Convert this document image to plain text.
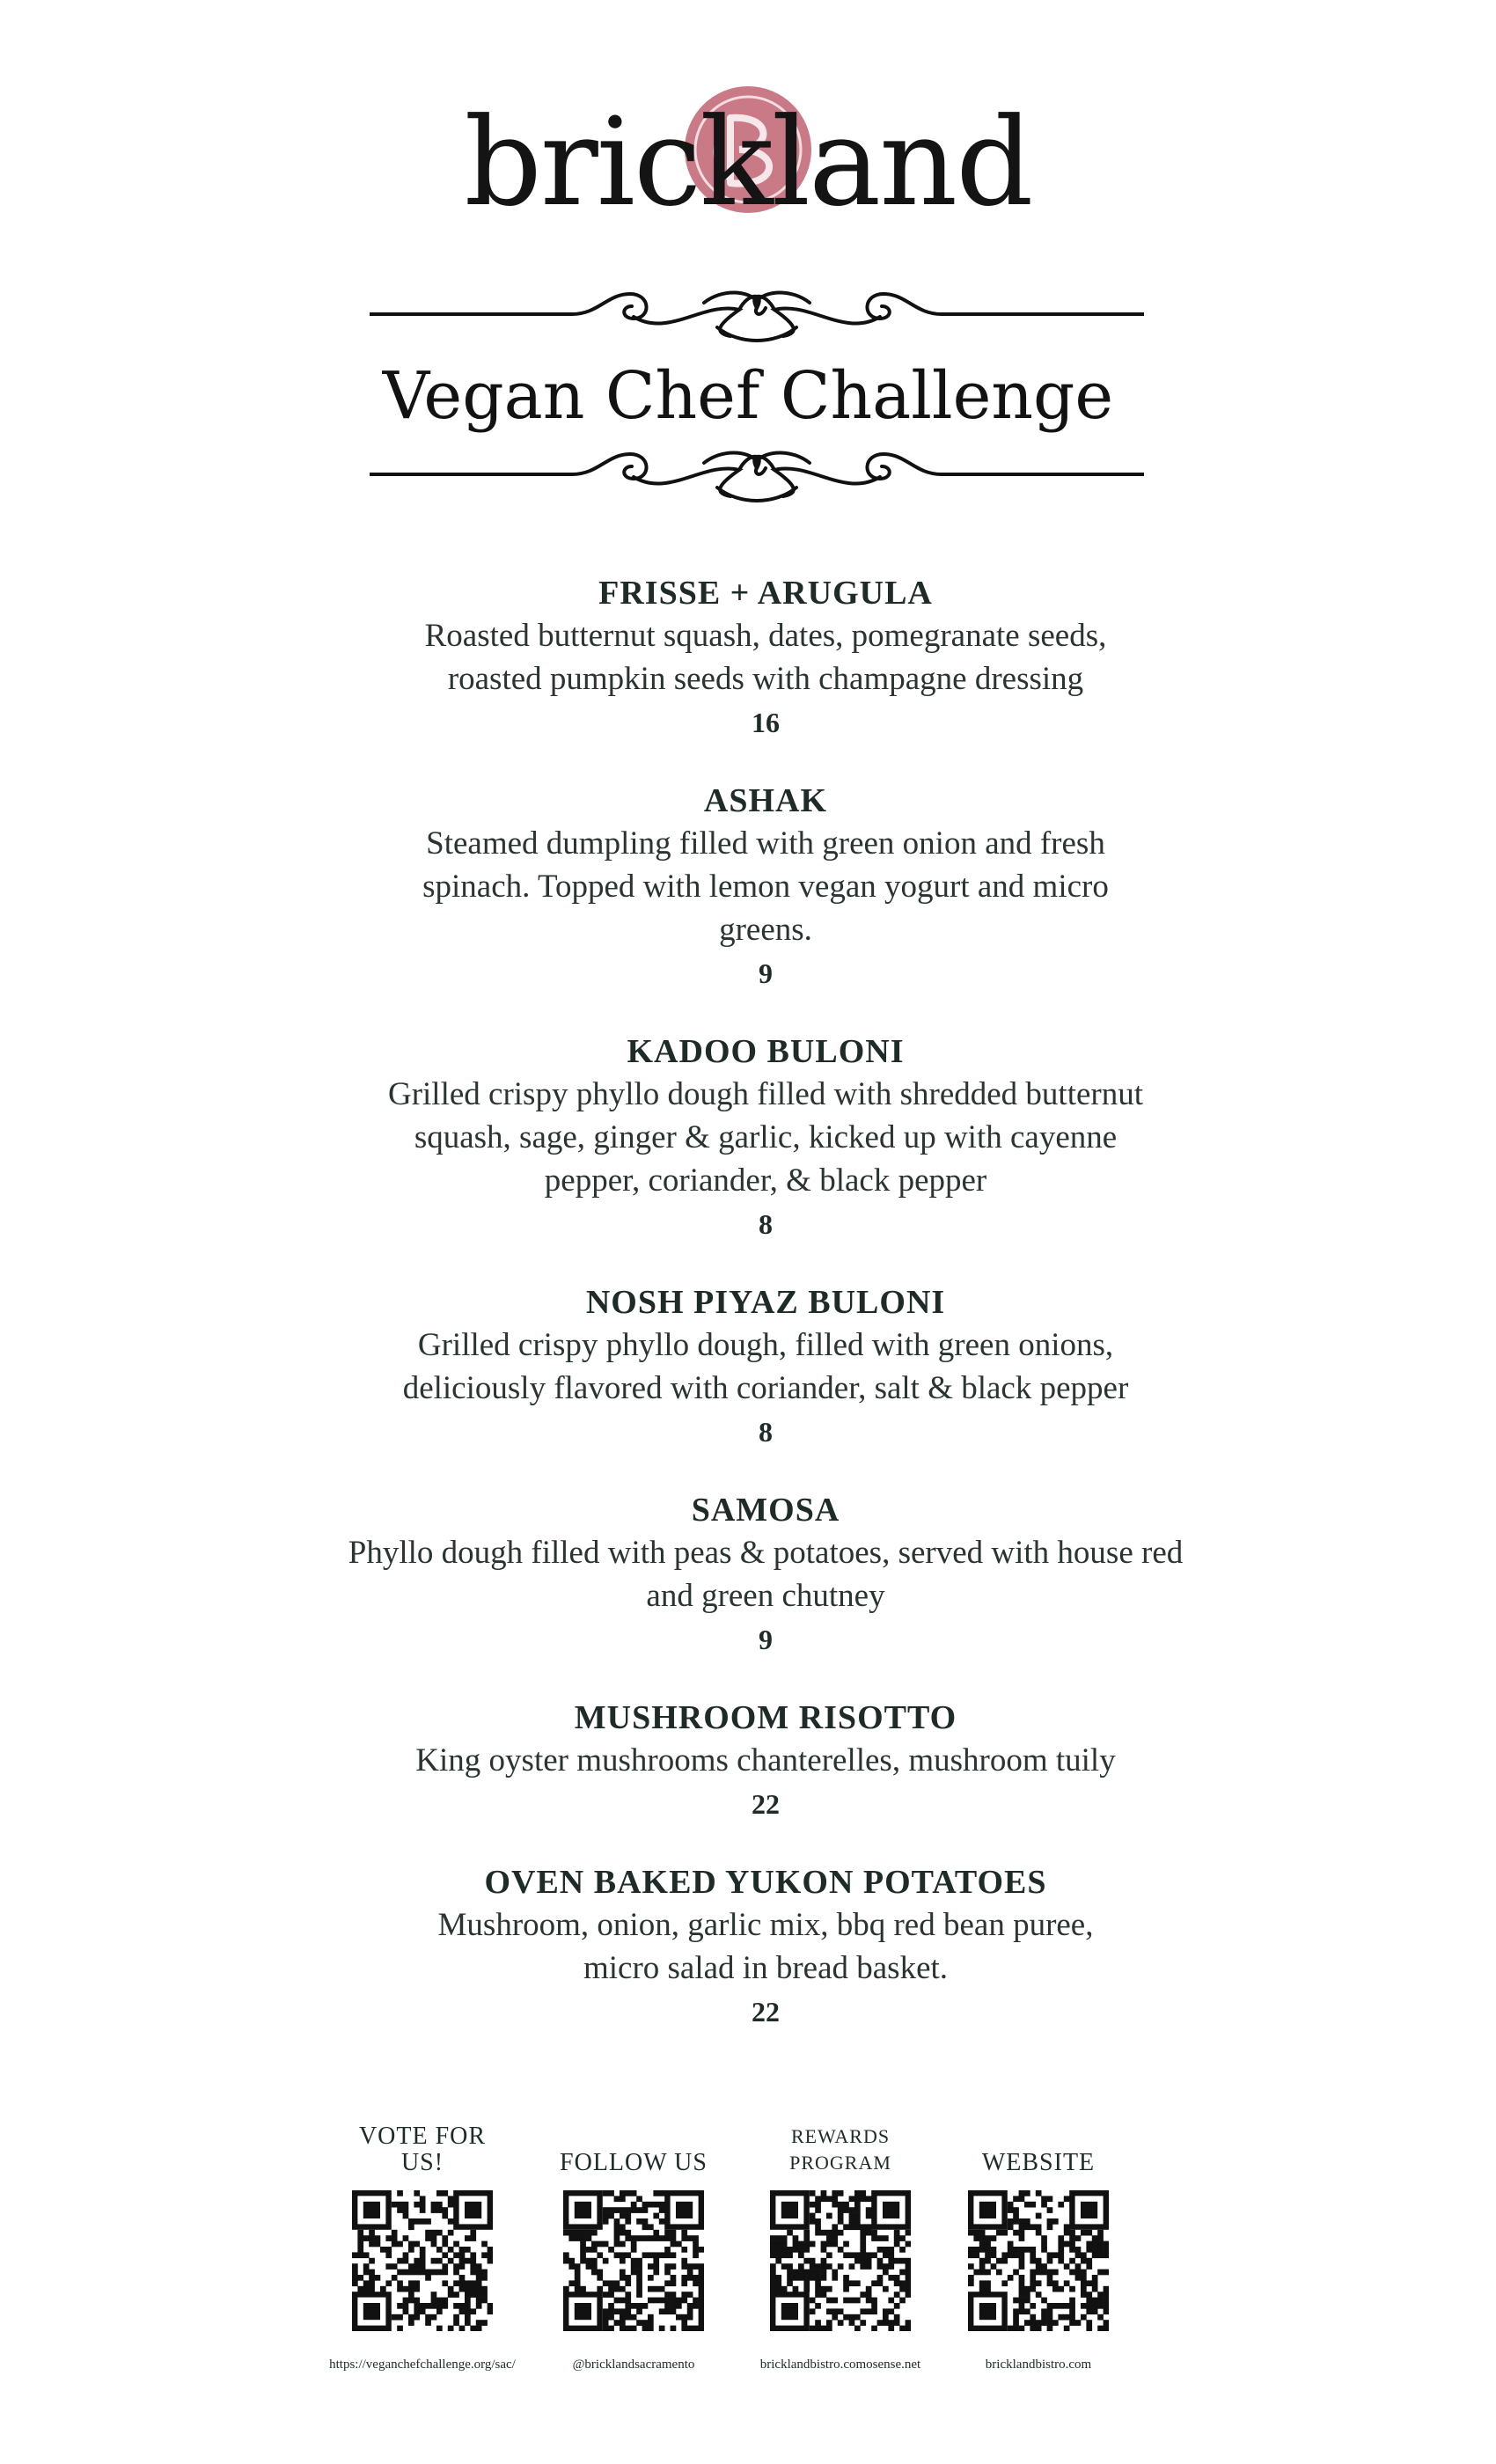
brickland
Vegan Chef Challenge
FRISSE + ARUGULA
Roasted butternut squash, dates, pomegranate seeds, roasted pumpkin seeds with champagne dressing
16
ASHAK
Steamed dumpling filled with green onion and fresh spinach. Topped with lemon vegan yogurt and micro greens.
9
KADOO BULONI
Grilled crispy phyllo dough filled with shredded butternut squash, sage, ginger & garlic, kicked up with cayenne pepper, coriander, & black pepper
8
NOSH PIYAZ BULONI
Grilled crispy phyllo dough, filled with green onions, deliciously flavored with coriander, salt & black pepper
8
SAMOSA
Phyllo dough filled with peas & potatoes, served with house red and green chutney
9
MUSHROOM RISOTTO
King oyster mushrooms chanterelles, mushroom tuily
22
OVEN BAKED YUKON POTATOES
Mushroom, onion, garlic mix, bbq red bean puree, micro salad in bread basket.
22
VOTE FOR US!
https://veganchefchallenge.org/sac/
FOLLOW US
@bricklandsacramento
REWARDS PROGRAM
bricklandbistro.comosense.net
WEBSITE
bricklandbistro.com
